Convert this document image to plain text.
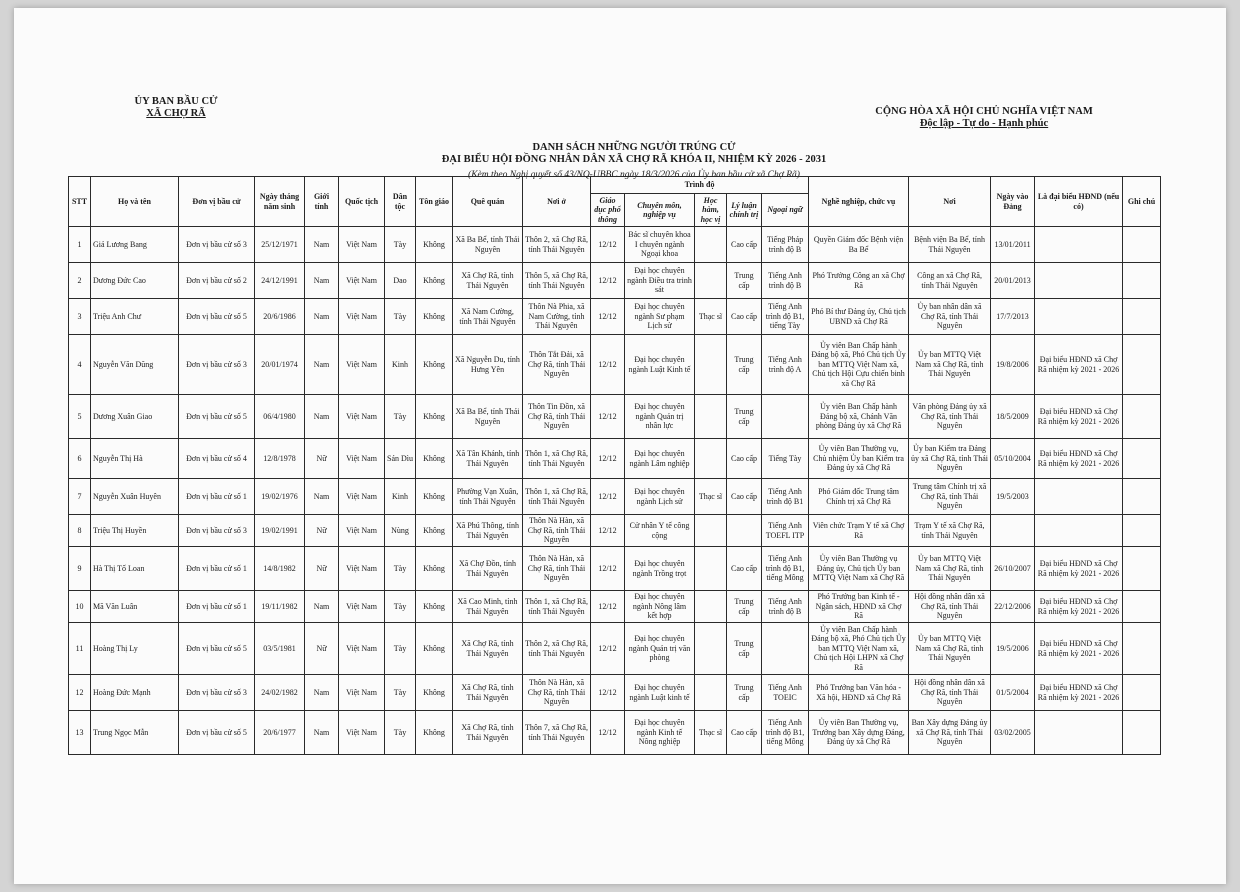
ỦY BAN BẦU CỬ
XÃ CHỢ RÃ	CỘNG HÒA XÃ HỘI CHỦ NGHĨA VIỆT NAM
Độc lập - Tự do - Hạnh phúc
DANH SÁCH NHỮNG NGƯỜI TRÚNG CỬ
ĐẠI BIỂU HỘI ĐỒNG NHÂN DÂN XÃ CHỢ RÃ KHÓA II, NHIỆM KỲ 2026 - 2031
(Kèm theo Nghị quyết số 43/NQ-UBBC ngày 18/3/2026 của Ủy ban bầu cử xã Chợ Rã)
STT	Họ và tên	Đơn vị bầu cử	Ngày tháng năm sinh	Giới tính	Quốc tịch	Dân tộc	Tôn giáo	Quê quán	Nơi ở	Trình độ					Nghề nghiệp, chức vụ	Nơi	Ngày vào Đảng	Là đại biểu HĐND (nếu có)	Ghi chú
										Giáo dục phổ thông	Chuyên môn, nghiệp vụ	Học hàm, học vị	Lý luận chính trị	Ngoại ngữ					
1	Giả Lương Bang	Đơn vị bầu cử số 3	25/12/1971	Nam	Việt Nam	Tày	Không	Xã Ba Bể, tỉnh Thái Nguyên	Thôn 2, xã Chợ Rã, tỉnh Thái Nguyên	12/12	Bác sĩ chuyên khoa I chuyên ngành Ngoại khoa		Cao cấp	Tiếng Pháp trình độ B	Quyền Giám đốc Bệnh viện Ba Bể	Bệnh viện Ba Bể, tỉnh Thái Nguyên	13/01/2011		
2	Dương Đức Cao	Đơn vị bầu cử số 2	24/12/1991	Nam	Việt Nam	Dao	Không	Xã Chợ Rã, tỉnh Thái Nguyên	Thôn 5, xã Chợ Rã, tỉnh Thái Nguyên	12/12	Đại học chuyên ngành Điều tra trinh sát		Trung cấp	Tiếng Anh trình độ B	Phó Trưởng Công an xã Chợ Rã	Công an xã Chợ Rã, tỉnh Thái Nguyên	20/01/2013		
3	Triệu Anh Chư	Đơn vị bầu cử số 5	20/6/1986	Nam	Việt Nam	Tày	Không	Xã Nam Cường, tỉnh Thái Nguyên	Thôn Nà Phia, xã Nam Cường, tỉnh Thái Nguyên	12/12	Đại học chuyên ngành Sư phạm Lịch sử	Thạc sĩ	Cao cấp	Tiếng Anh trình độ B1, tiếng Tày	Phó Bí thư Đảng ủy, Chủ tịch UBND xã Chợ Rã	Ủy ban nhân dân xã Chợ Rã, tỉnh Thái Nguyên	17/7/2013		
4	Nguyễn Văn Dũng	Đơn vị bầu cử số 3	20/01/1974	Nam	Việt Nam	Kinh	Không	Xã Nguyễn Du, tỉnh Hưng Yên	Thôn Tắt Đải, xã Chợ Rã, tỉnh Thái Nguyên	12/12	Đại học chuyên ngành Luật Kinh tế		Trung cấp	Tiếng Anh trình độ A	Ủy viên Ban Chấp hành Đảng bộ xã, Phó Chủ tịch Ủy ban MTTQ Việt Nam xã, Chủ tịch Hội Cựu chiến binh xã Chợ Rã	Ủy ban MTTQ Việt Nam xã Chợ Rã, tỉnh Thái Nguyên	19/8/2006	Đại biểu HĐND xã Chợ Rã nhiệm kỳ 2021 - 2026	
5	Dương Xuân Giao	Đơn vị bầu cử số 5	06/4/1980	Nam	Việt Nam	Tày	Không	Xã Ba Bể, tỉnh Thái Nguyên	Thôn Tin Đồn, xã Chợ Rã, tỉnh Thái Nguyên	12/12	Đại học chuyên ngành Quản trị nhân lực		Trung cấp		Ủy viên Ban Chấp hành Đảng bộ xã, Chánh Văn phòng Đảng ủy xã Chợ Rã	Văn phòng Đảng ủy xã Chợ Rã, tỉnh Thái Nguyên	18/5/2009	Đại biểu HĐND xã Chợ Rã nhiệm kỳ 2021 - 2026	
6	Nguyễn Thị Hà	Đơn vị bầu cử số 4	12/8/1978	Nữ	Việt Nam	Sán Dìu	Không	Xã Tân Khánh, tỉnh Thái Nguyên	Thôn 1, xã Chợ Rã, tỉnh Thái Nguyên	12/12	Đại học chuyên ngành Lâm nghiệp		Cao cấp	Tiếng Tày	Ủy viên Ban Thường vụ, Chủ nhiệm Ủy ban Kiểm tra Đảng ủy xã Chợ Rã	Ủy ban Kiểm tra Đảng ủy xã Chợ Rã, tỉnh Thái Nguyên	05/10/2004	Đại biểu HĐND xã Chợ Rã nhiệm kỳ 2021 - 2026	
7	Nguyễn Xuân Huyên	Đơn vị bầu cử số 1	19/02/1976	Nam	Việt Nam	Kinh	Không	Phường Vạn Xuân, tỉnh Thái Nguyên	Thôn 1, xã Chợ Rã, tỉnh Thái Nguyên	12/12	Đại học chuyên ngành Lịch sử	Thạc sĩ	Cao cấp	Tiếng Anh trình độ B1	Phó Giám đốc Trung tâm Chính trị xã Chợ Rã	Trung tâm Chính trị xã Chợ Rã, tỉnh Thái Nguyên	19/5/2003		
8	Triệu Thị Huyền	Đơn vị bầu cử số 3	19/02/1991	Nữ	Việt Nam	Nùng	Không	Xã Phú Thông, tỉnh Thái Nguyên	Thôn Nà Hàn, xã Chợ Rã, tỉnh Thái Nguyên	12/12	Cử nhân Y tế công cộng			Tiếng Anh TOEFL ITP	Viên chức Trạm Y tế xã Chợ Rã	Trạm Y tế xã Chợ Rã, tỉnh Thái Nguyên			
9	Hà Thị Tố Loan	Đơn vị bầu cử số 1	14/8/1982	Nữ	Việt Nam	Tày	Không	Xã Chợ Đồn, tỉnh Thái Nguyên	Thôn Nà Hàn, xã Chợ Rã, tỉnh Thái Nguyên	12/12	Đại học chuyên ngành Trồng trọt		Cao cấp	Tiếng Anh trình độ B1, tiếng Mông	Ủy viên Ban Thường vụ Đảng ủy, Chủ tịch Ủy ban MTTQ Việt Nam xã Chợ Rã	Ủy ban MTTQ Việt Nam xã Chợ Rã, tỉnh Thái Nguyên	26/10/2007	Đại biểu HĐND xã Chợ Rã nhiệm kỳ 2021 - 2026	
10	Mã Văn Luân	Đơn vị bầu cử số 1	19/11/1982	Nam	Việt Nam	Tày	Không	Xã Cao Minh, tỉnh Thái Nguyên	Thôn 1, xã Chợ Rã, tỉnh Thái Nguyên	12/12	Đại học chuyên ngành Nông lâm kết hợp		Trung cấp	Tiếng Anh trình độ B	Phó Trưởng ban Kinh tế - Ngân sách, HĐND xã Chợ Rã	Hội đồng nhân dân xã Chợ Rã, tỉnh Thái Nguyên	22/12/2006	Đại biểu HĐND xã Chợ Rã nhiệm kỳ 2021 - 2026	
11	Hoàng Thị Ly	Đơn vị bầu cử số 5	03/5/1981	Nữ	Việt Nam	Tày	Không	Xã Chợ Rã, tỉnh Thái Nguyên	Thôn 2, xã Chợ Rã, tỉnh Thái Nguyên	12/12	Đại học chuyên ngành Quản trị văn phòng		Trung cấp		Ủy viên Ban Chấp hành Đảng bộ xã, Phó Chủ tịch Ủy ban MTTQ Việt Nam xã, Chủ tịch Hội LHPN xã Chợ Rã	Ủy ban MTTQ Việt Nam xã Chợ Rã, tỉnh Thái Nguyên	19/5/2006	Đại biểu HĐND xã Chợ Rã nhiệm kỳ 2021 - 2026	
12	Hoàng Đức Mạnh	Đơn vị bầu cử số 3	24/02/1982	Nam	Việt Nam	Tày	Không	Xã Chợ Rã, tỉnh Thái Nguyên	Thôn Nà Hàn, xã Chợ Rã, tỉnh Thái Nguyên	12/12	Đại học chuyên ngành Luật kinh tế		Trung cấp	Tiếng Anh TOEIC	Phó Trưởng ban Văn hóa - Xã hội, HĐND xã Chợ Rã	Hội đồng nhân dân xã Chợ Rã, tỉnh Thái Nguyên	01/5/2004	Đại biểu HĐND xã Chợ Rã nhiệm kỳ 2021 - 2026	
13	Trung Ngọc Mẫn	Đơn vị bầu cử số 5	20/6/1977	Nam	Việt Nam	Tày	Không	Xã Chợ Rã, tỉnh Thái Nguyên	Thôn 7, xã Chợ Rã, tỉnh Thái Nguyên	12/12	Đại học chuyên ngành Kinh tế Nông nghiệp	Thạc sĩ	Cao cấp	Tiếng Anh trình độ B1, tiếng Mông	Ủy viên Ban Thường vụ, Trưởng ban Xây dựng Đảng, Đảng ủy xã Chợ Rã	Ban Xây dựng Đảng ủy xã Chợ Rã, tỉnh Thái Nguyên	03/02/2005		
